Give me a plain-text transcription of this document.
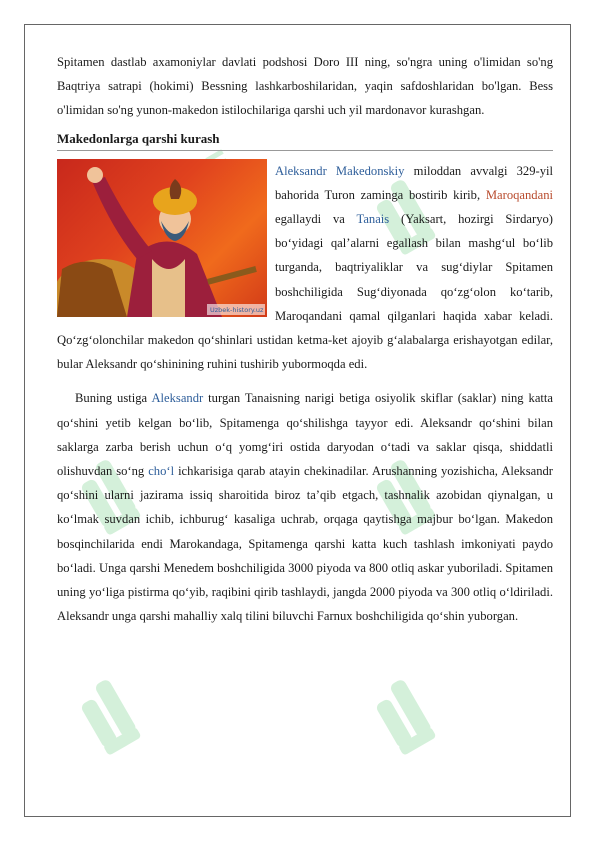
Spitamen dastlab axamoniylar davlati podshosi Doro III ning, so'ngra uning o'limidan so'ng Baqtriya satrapi (hokimi) Bessning lashkarboshilaridan, yaqin safdoshlaridan bo'lgan. Bess o'limidan so'ng yunon-makedon istilochilariga qarshi uch yil mardonavor kurashgan.

Makedonlarga qarshi kurash

Uzbek-history.uz

Aleksandr Makedonskiy miloddan avvalgi 329-yil bahorida Turon zaminga bostirib kirib, Maroqandani egallaydi va Tanais (Yaksart, hozirgi Sirdaryo) bo‘yidagi qal’alarni egallash bilan mashg‘ul bo‘lib turganda, baqtriyaliklar va sug‘diylar Spitamen boshchiligida Sug‘diyonada qo‘zg‘olon ko‘tarib, Maroqandani qamal qilganlari haqida xabar keladi. Qo‘zg‘olonchilar makedon qo‘shinlari ustidan ketma-ket ajoyib g‘alabalarga erishayotgan edilar, bular Aleksandr qo‘shinining ruhini tushirib yubormoqda edi.

Buning ustiga Aleksandr turgan Tanaisning narigi betiga osiyolik skiflar (saklar) ning katta qo‘shini yetib kelgan bo‘lib, Spitamenga qo‘shilishga tayyor edi. Aleksandr qo‘shini bilan saklarga zarba berish uchun o‘q yomg‘iri ostida daryodan o‘tadi va saklar qisqa, shiddatli olishuvdan so‘ng cho‘l ichkarisiga qarab atayin chekinadilar. Arushanning yozishicha, Aleksandr qo‘shini ularni jazirama issiq sharoitida biroz ta’qib etgach, tashnalik azobidan qiynalgan, u ko‘lmak suvdan ichib, ichburug‘ kasaliga uchrab, orqaga qaytishga majbur bo‘lgan. Makedon bosqinchilarida endi Marokandaga, Spitamenga qarshi katta kuch tashlash imkoniyati paydo bo‘ladi. Unga qarshi Menedem boshchiligida 3000 piyoda va 800 otliq askar yuboriladi. Spitamen uning yo‘liga pistirma qo‘yib, raqibini qirib tashlaydi, jangda 2000 piyoda va 300 otliq o‘ldiriladi. Aleksandr unga qarshi mahalliy xalq tilini biluvchi Farnux boshchiligida qo‘shin yuborgan.
